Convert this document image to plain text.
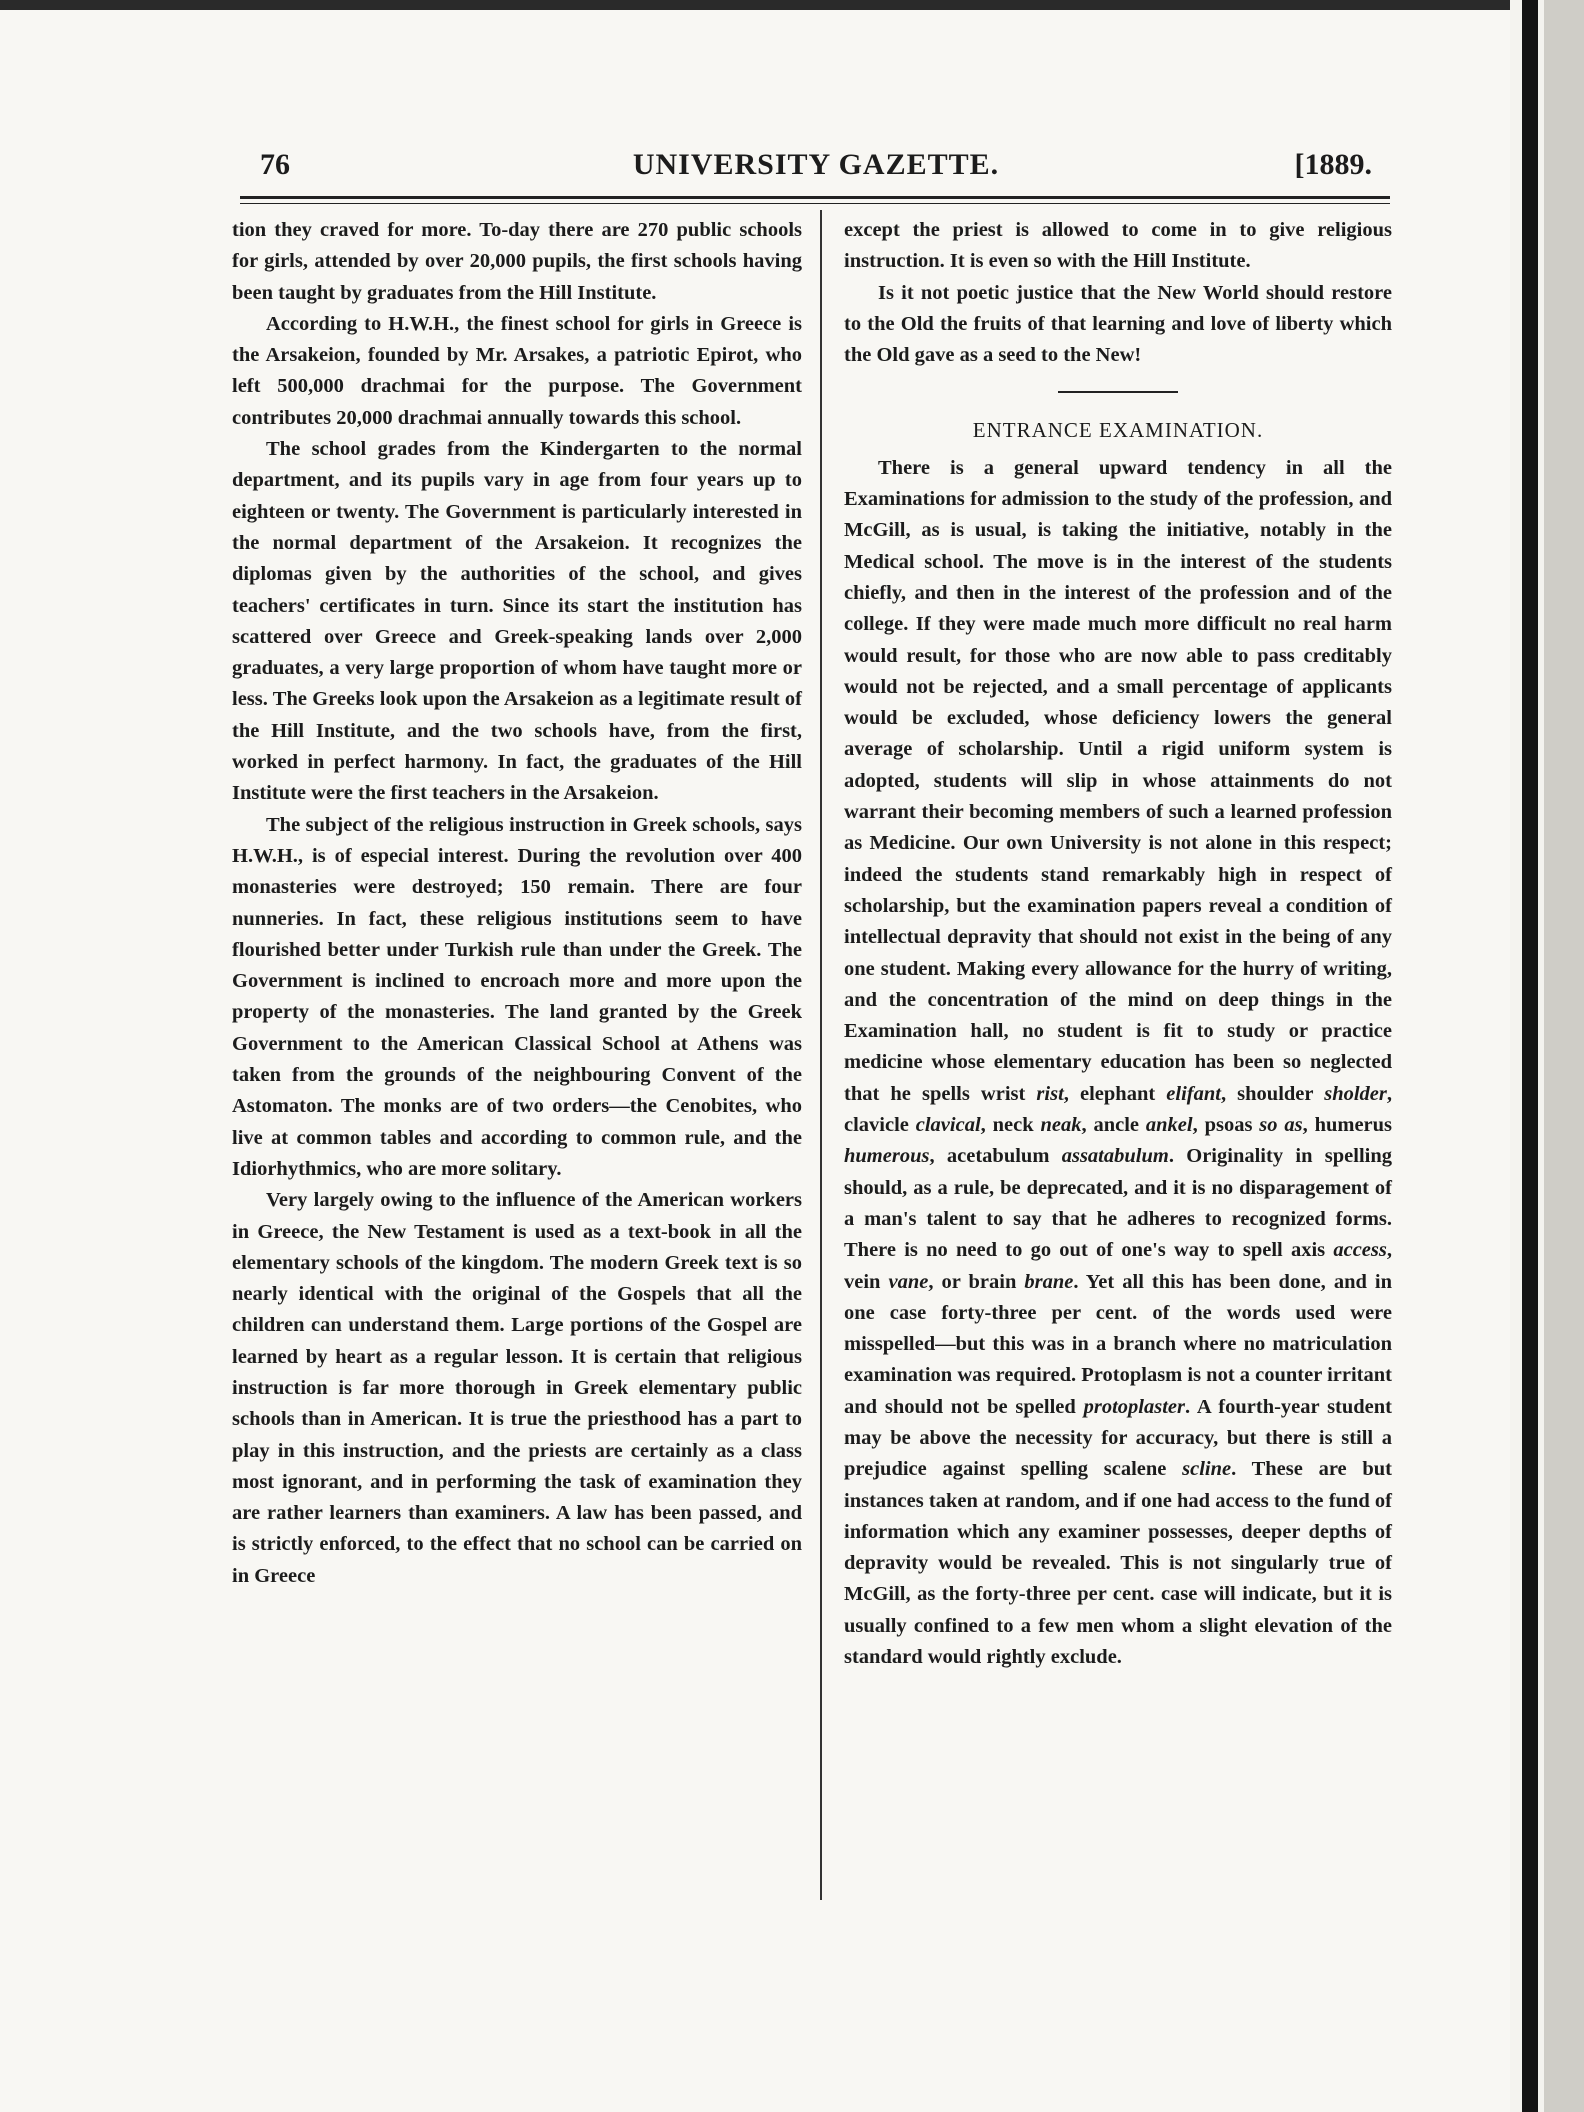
76	UNIVERSITY GAZETTE.	[1889.

tion they craved for more. To-day there are 270 public schools for girls, attended by over 20,000 pupils, the first schools having been taught by graduates from the Hill Institute.

According to H.W.H., the finest school for girls in Greece is the Arsakeion, founded by Mr. Arsakes, a patriotic Epirot, who left 500,000 drachmai for the purpose. The Government contributes 20,000 drachmai annually towards this school.

The school grades from the Kindergarten to the normal department, and its pupils vary in age from four years up to eighteen or twenty. The Government is particularly interested in the normal department of the Arsakeion. It recognizes the diplomas given by the authorities of the school, and gives teachers' certificates in turn. Since its start the institution has scattered over Greece and Greek-speaking lands over 2,000 graduates, a very large proportion of whom have taught more or less. The Greeks look upon the Arsakeion as a legitimate result of the Hill Institute, and the two schools have, from the first, worked in perfect harmony. In fact, the graduates of the Hill Institute were the first teachers in the Arsakeion.

The subject of the religious instruction in Greek schools, says H.W.H., is of especial interest. During the revolution over 400 monasteries were destroyed; 150 remain. There are four nunneries. In fact, these religious institutions seem to have flourished better under Turkish rule than under the Greek. The Government is inclined to encroach more and more upon the property of the monasteries. The land granted by the Greek Government to the American Classical School at Athens was taken from the grounds of the neighbouring Convent of the Astomaton. The monks are of two orders—the Cenobites, who live at common tables and according to common rule, and the Idiorhythmics, who are more solitary.

Very largely owing to the influence of the American workers in Greece, the New Testament is used as a text-book in all the elementary schools of the kingdom. The modern Greek text is so nearly identical with the original of the Gospels that all the children can understand them. Large portions of the Gospel are learned by heart as a regular lesson. It is certain that religious instruction is far more thorough in Greek elementary public schools than in American. It is true the priesthood has a part to play in this instruction, and the priests are certainly as a class most ignorant, and in performing the task of examination they are rather learners than examiners. A law has been passed, and is strictly enforced, to the effect that no school can be carried on in Greece

except the priest is allowed to come in to give religious instruction. It is even so with the Hill Institute.

Is it not poetic justice that the New World should restore to the Old the fruits of that learning and love of liberty which the Old gave as a seed to the New!

ENTRANCE EXAMINATION.

There is a general upward tendency in all the Examinations for admission to the study of the profession, and McGill, as is usual, is taking the initiative, notably in the Medical school. The move is in the interest of the students chiefly, and then in the interest of the profession and of the college. If they were made much more difficult no real harm would result, for those who are now able to pass creditably would not be rejected, and a small percentage of applicants would be excluded, whose deficiency lowers the general average of scholarship. Until a rigid uniform system is adopted, students will slip in whose attainments do not warrant their becoming members of such a learned profession as Medicine. Our own University is not alone in this respect; indeed the students stand remarkably high in respect of scholarship, but the examination papers reveal a condition of intellectual depravity that should not exist in the being of any one student. Making every allowance for the hurry of writing, and the concentration of the mind on deep things in the Examination hall, no student is fit to study or practice medicine whose elementary education has been so neglected that he spells wrist rist, elephant elifant, shoulder sholder, clavicle clavical, neck neak, ancle ankel, psoas so as, humerus humerous, acetabulum assatabulum. Originality in spelling should, as a rule, be deprecated, and it is no disparagement of a man's talent to say that he adheres to recognized forms. There is no need to go out of one's way to spell axis access, vein vane, or brain brane. Yet all this has been done, and in one case forty-three per cent. of the words used were misspelled—but this was in a branch where no matriculation examination was required. Protoplasm is not a counter irritant and should not be spelled protoplaster. A fourth-year student may be above the necessity for accuracy, but there is still a prejudice against spelling scalene scline. These are but instances taken at random, and if one had access to the fund of information which any examiner possesses, deeper depths of depravity would be revealed. This is not singularly true of McGill, as the forty-three per cent. case will indicate, but it is usually confined to a few men whom a slight elevation of the standard would rightly exclude.
